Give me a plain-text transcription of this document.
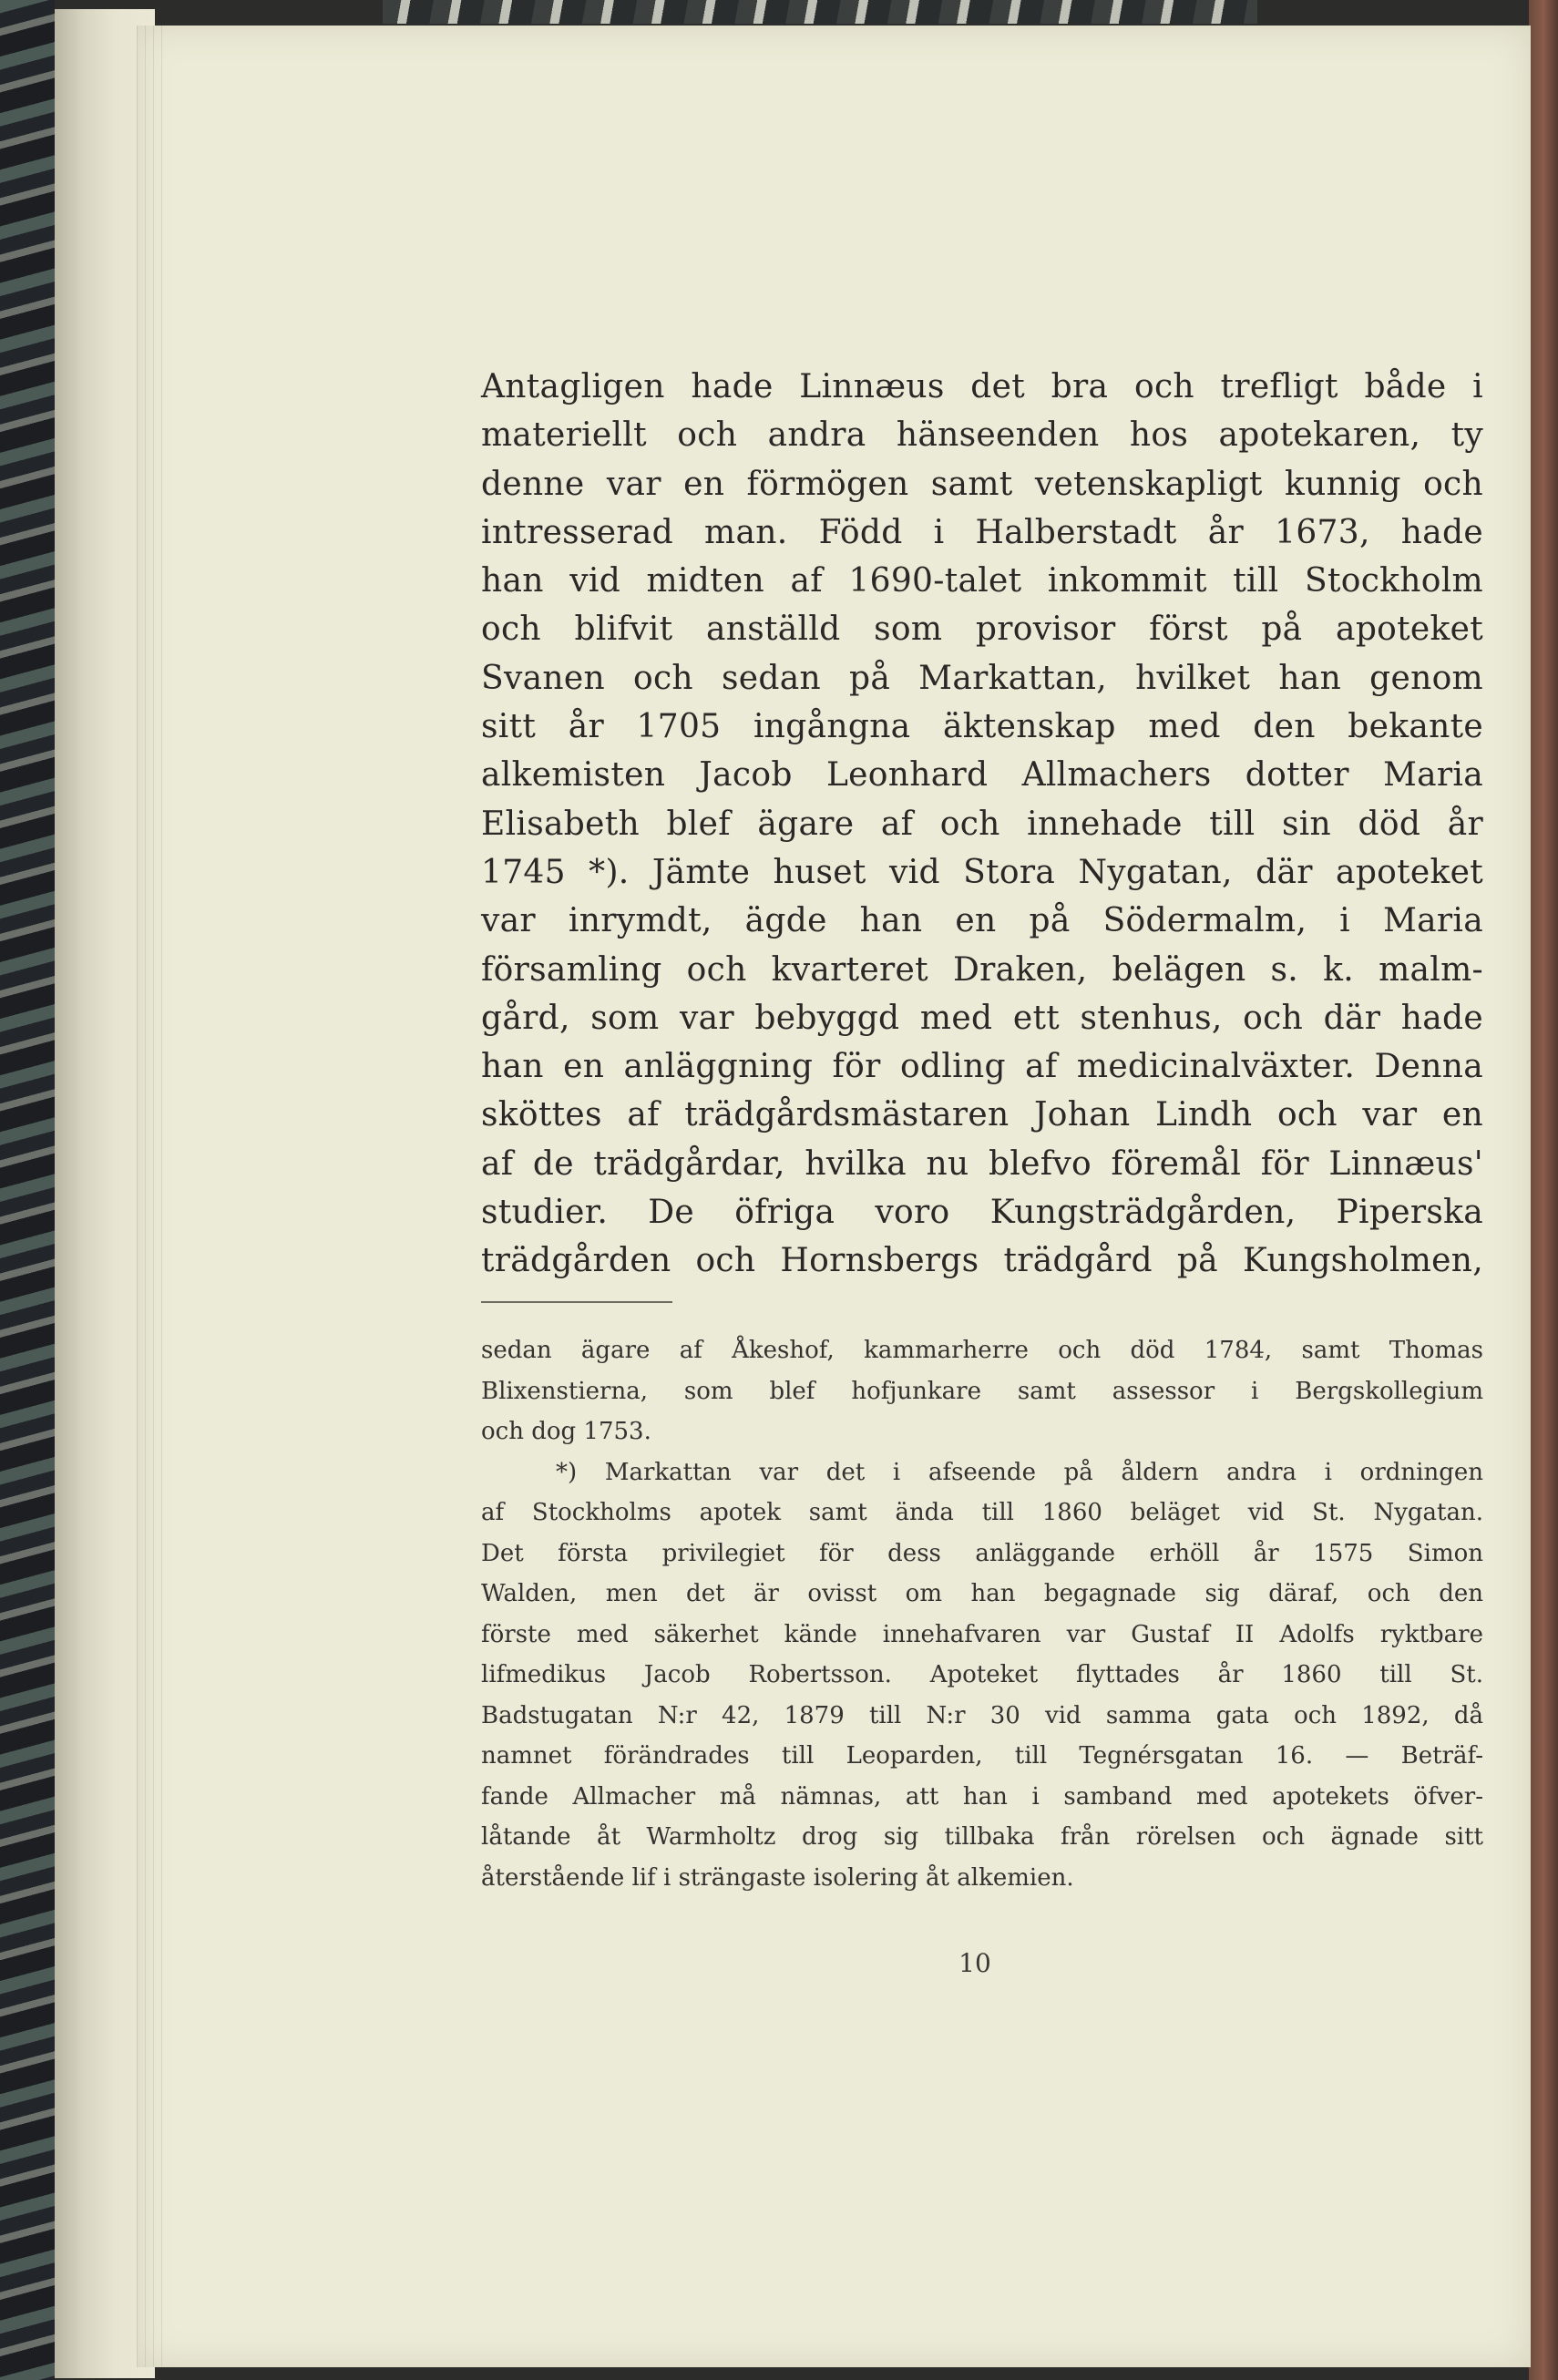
Antagligen hade Linnæus det bra och trefligt både i
materiellt och andra hänseenden hos apotekaren, ty
denne var en förmögen samt vetenskapligt kunnig och
intresserad man. Född i Halberstadt år 1673, hade
han vid midten af 1690-talet inkommit till Stockholm
och blifvit anställd som provisor först på apoteket
Svanen och sedan på Markattan, hvilket han genom
sitt år 1705 ingångna äktenskap med den bekante
alkemisten Jacob Leonhard Allmachers dotter Maria
Elisabeth blef ägare af och innehade till sin död år
1745 *). Jämte huset vid Stora Nygatan, där apoteket
var inrymdt, ägde han en på Södermalm, i Maria
församling och kvarteret Draken, belägen s. k. malm-
gård, som var bebyggd med ett stenhus, och där hade
han en anläggning för odling af medicinalväxter. Denna
sköttes af trädgårdsmästaren Johan Lindh och var en
af de trädgårdar, hvilka nu blefvo föremål för Linnæus'
studier. De öfriga voro Kungsträdgården, Piperska
trädgården och Hornsbergs trädgård på Kungsholmen,
sedan ägare af Åkeshof, kammarherre och död 1784, samt Thomas
Blixenstierna, som blef hofjunkare samt assessor i Bergskollegium
och dog 1753.
*) Markattan var det i afseende på åldern andra i ordningen
af Stockholms apotek samt ända till 1860 beläget vid St. Nygatan.
Det första privilegiet för dess anläggande erhöll år 1575 Simon
Walden, men det är ovisst om han begagnade sig däraf, och den
förste med säkerhet kände innehafvaren var Gustaf II Adolfs ryktbare
lifmedikus Jacob Robertsson. Apoteket flyttades år 1860 till St.
Badstugatan N:r 42, 1879 till N:r 30 vid samma gata och 1892, då
namnet förändrades till Leoparden, till Tegnérsgatan 16. — Beträf-
fande Allmacher må nämnas, att han i samband med apotekets öfver-
låtande åt Warmholtz drog sig tillbaka från rörelsen och ägnade sitt
återstående lif i strängaste isolering åt alkemien.
10
